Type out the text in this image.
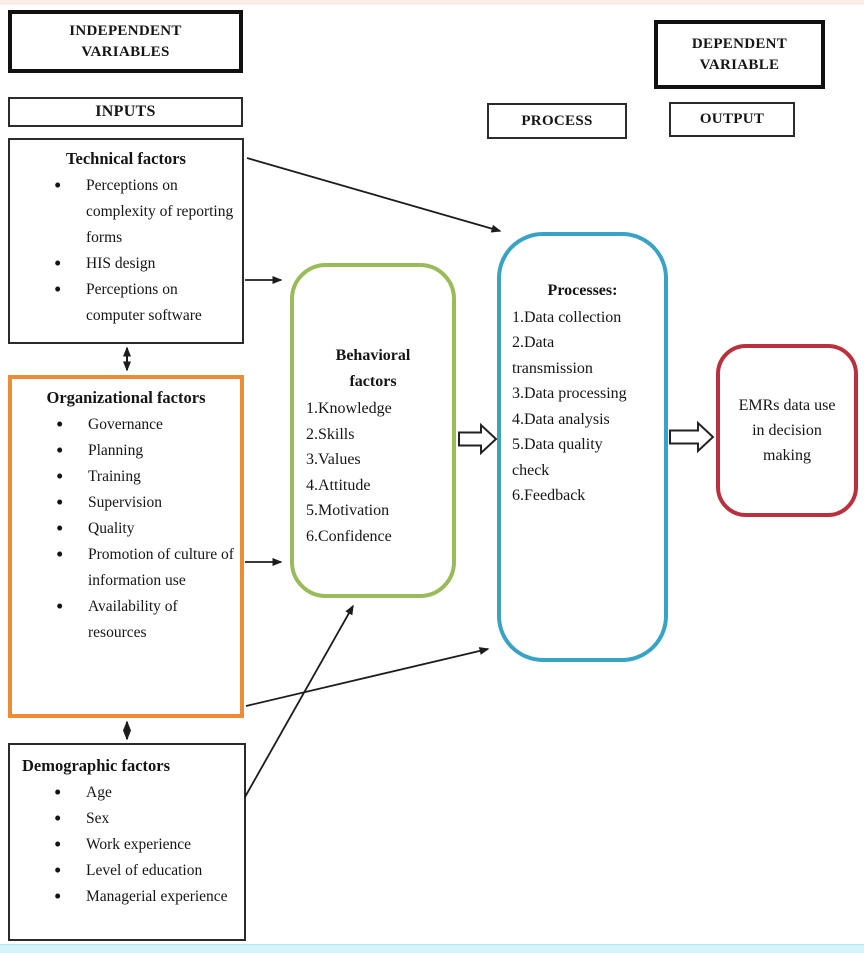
INDEPENDENT VARIABLES
INPUTS
PROCESS
DEPENDENT VARIABLE
OUTPUT
Technical factors
• Perceptions on complexity of reporting forms
• HIS design
• Perceptions on computer software
Organizational factors
• Governance
• Planning
• Training
• Supervision
• Quality
• Promotion of culture of information use
• Availability of resources
Demographic factors
• Age
• Sex
• Work experience
• Level of education
• Managerial experience
Behavioral factors
1.Knowledge
2.Skills
3.Values
4.Attitude
5.Motivation
6.Confidence
Processes:
1.Data collection
2.Data transmission
3.Data processing
4.Data analysis
5.Data quality check
6.Feedback
EMRs data use in decision making
